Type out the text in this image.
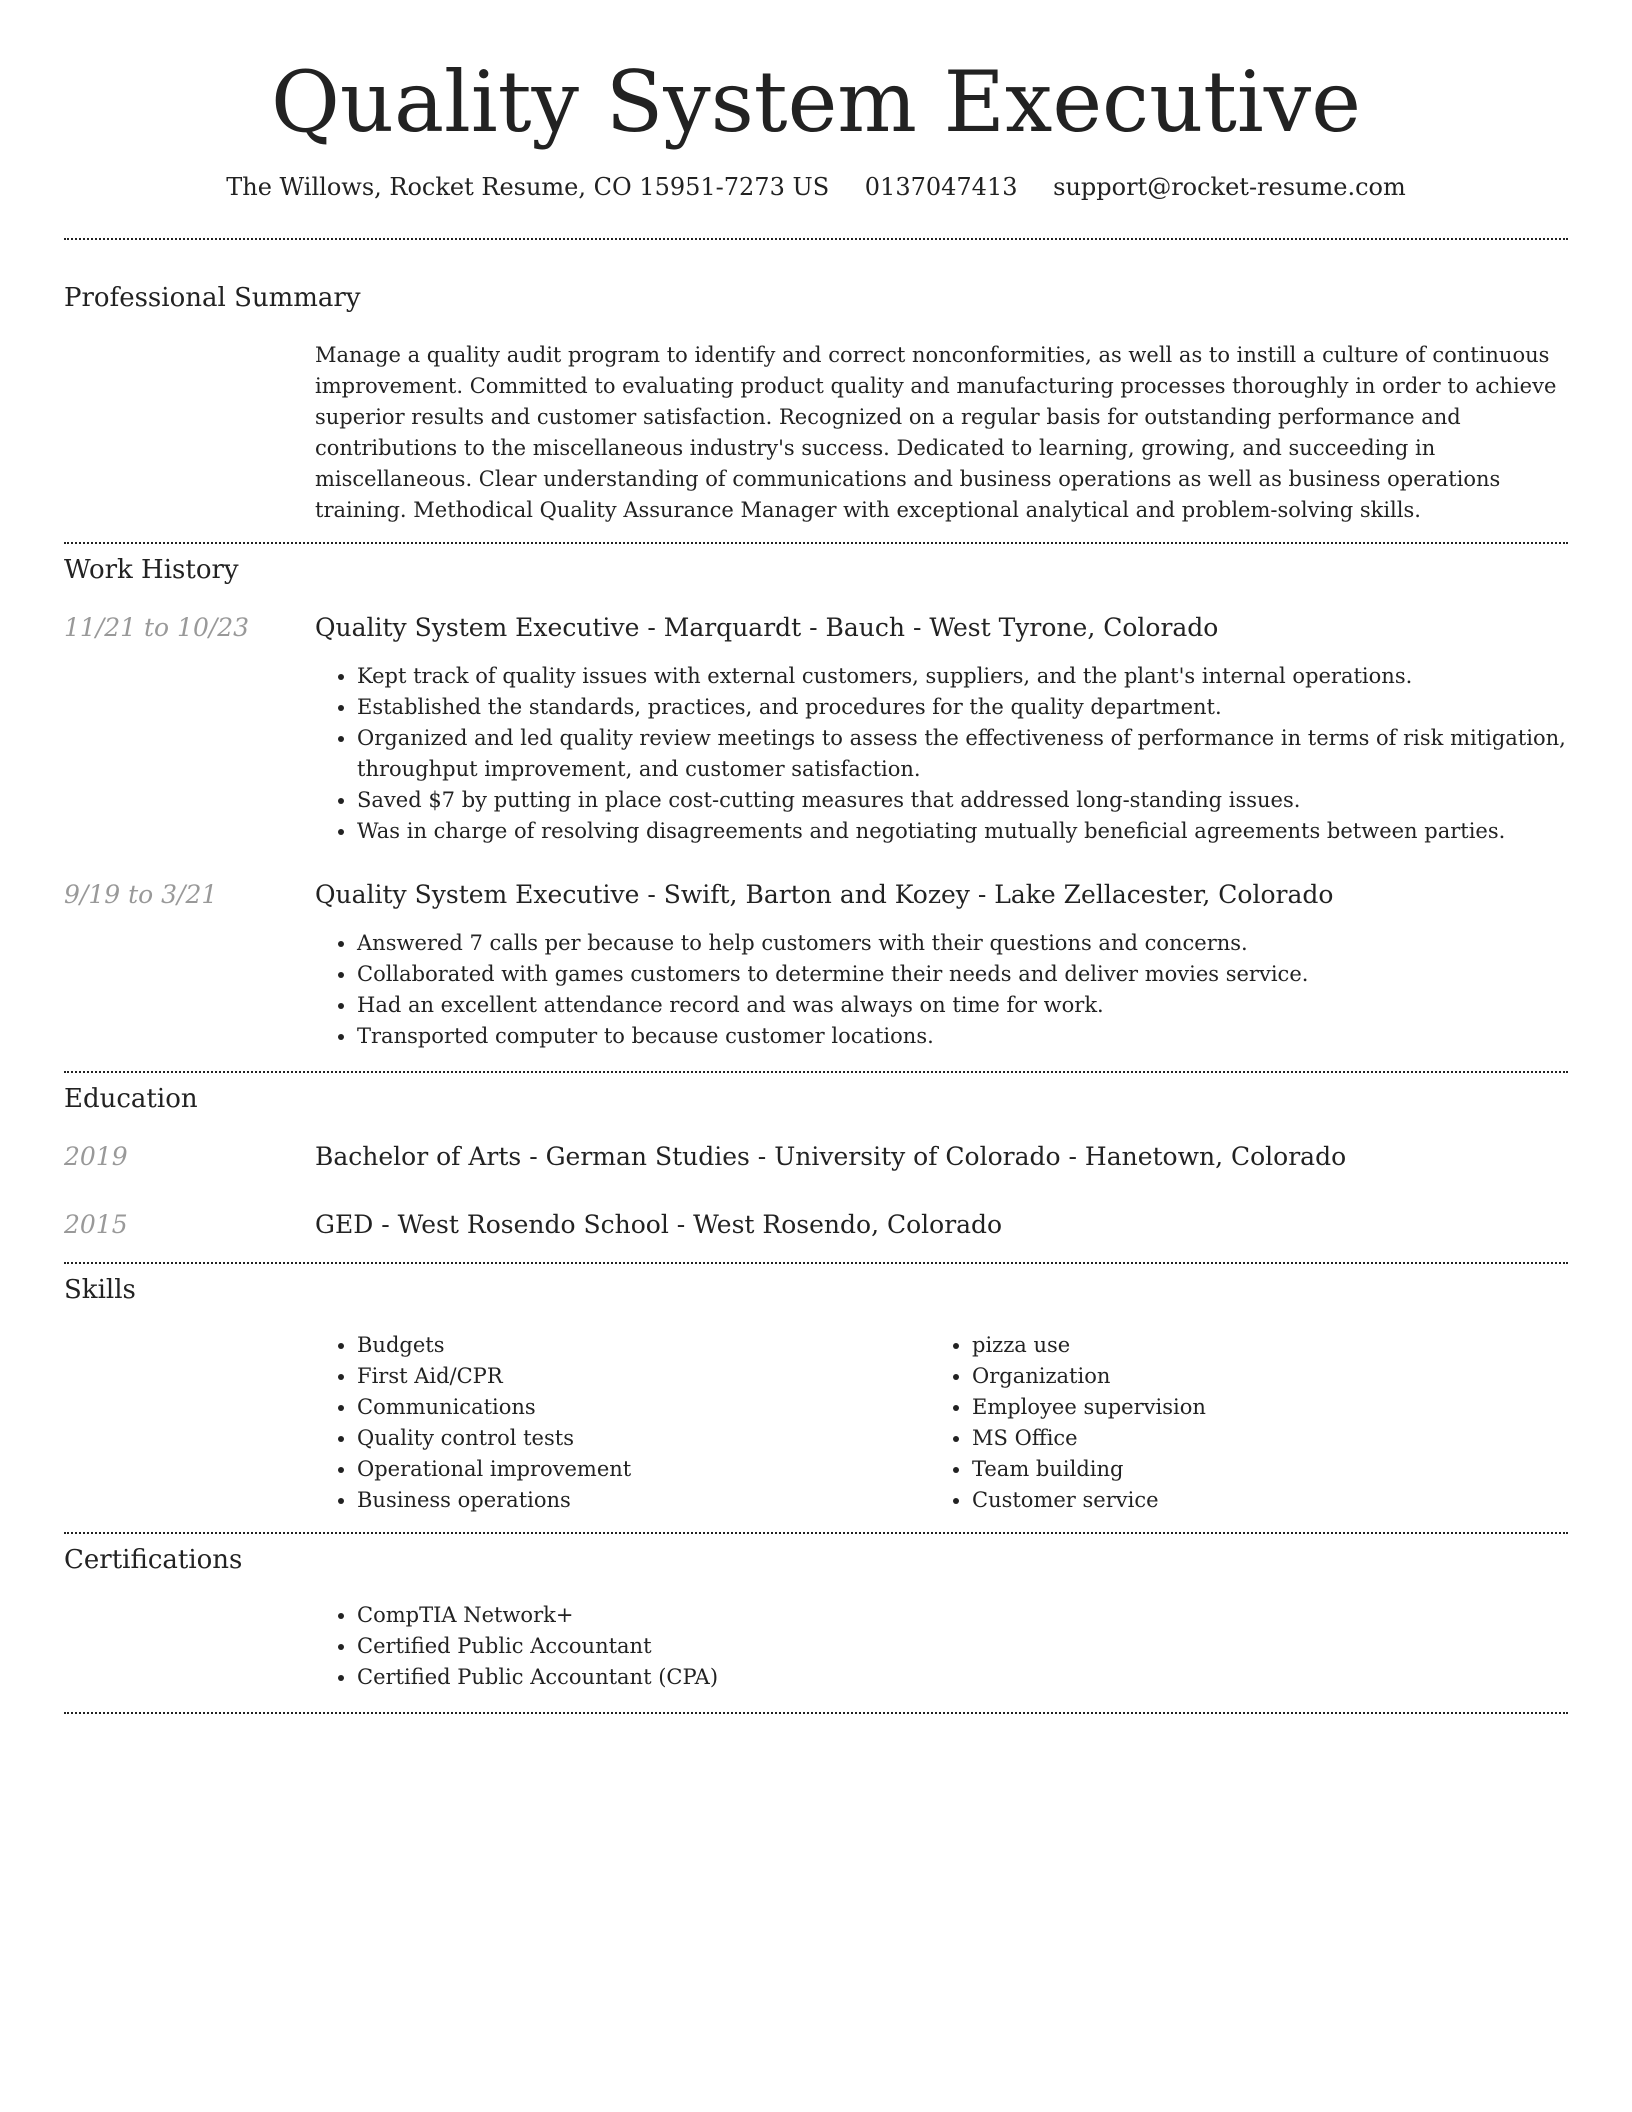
Quality System Executive
The Willows, Rocket Resume, CO 15951-7273 US 0137047413 support@rocket-resume.com
Professional Summary
Manage a quality audit program to identify and correct nonconformities, as well as to instill a culture of continuous improvement. Committed to evaluating product quality and manufacturing processes thoroughly in order to achieve superior results and customer satisfaction. Recognized on a regular basis for outstanding performance and contributions to the miscellaneous industry's success. Dedicated to learning, growing, and succeeding in miscellaneous. Clear understanding of communications and business operations as well as business operations training. Methodical Quality Assurance Manager with exceptional analytical and problem-solving skills.
Work History
11/21 to 10/23	Quality System Executive - Marquardt - Bauch - West Tyrone, Colorado
• Kept track of quality issues with external customers, suppliers, and the plant's internal operations.
• Established the standards, practices, and procedures for the quality department.
• Organized and led quality review meetings to assess the effectiveness of performance in terms of risk mitigation, throughput improvement, and customer satisfaction.
• Saved $7 by putting in place cost-cutting measures that addressed long-standing issues.
• Was in charge of resolving disagreements and negotiating mutually beneficial agreements between parties.
9/19 to 3/21	Quality System Executive - Swift, Barton and Kozey - Lake Zellacester, Colorado
• Answered 7 calls per because to help customers with their questions and concerns.
• Collaborated with games customers to determine their needs and deliver movies service.
• Had an excellent attendance record and was always on time for work.
• Transported computer to because customer locations.
Education
2019	Bachelor of Arts - German Studies - University of Colorado - Hanetown, Colorado
2015	GED - West Rosendo School - West Rosendo, Colorado
Skills
• Budgets
• First Aid/CPR
• Communications
• Quality control tests
• Operational improvement
• Business operations
• pizza use
• Organization
• Employee supervision
• MS Office
• Team building
• Customer service
Certifications
• CompTIA Network+
• Certified Public Accountant
• Certified Public Accountant (CPA)
